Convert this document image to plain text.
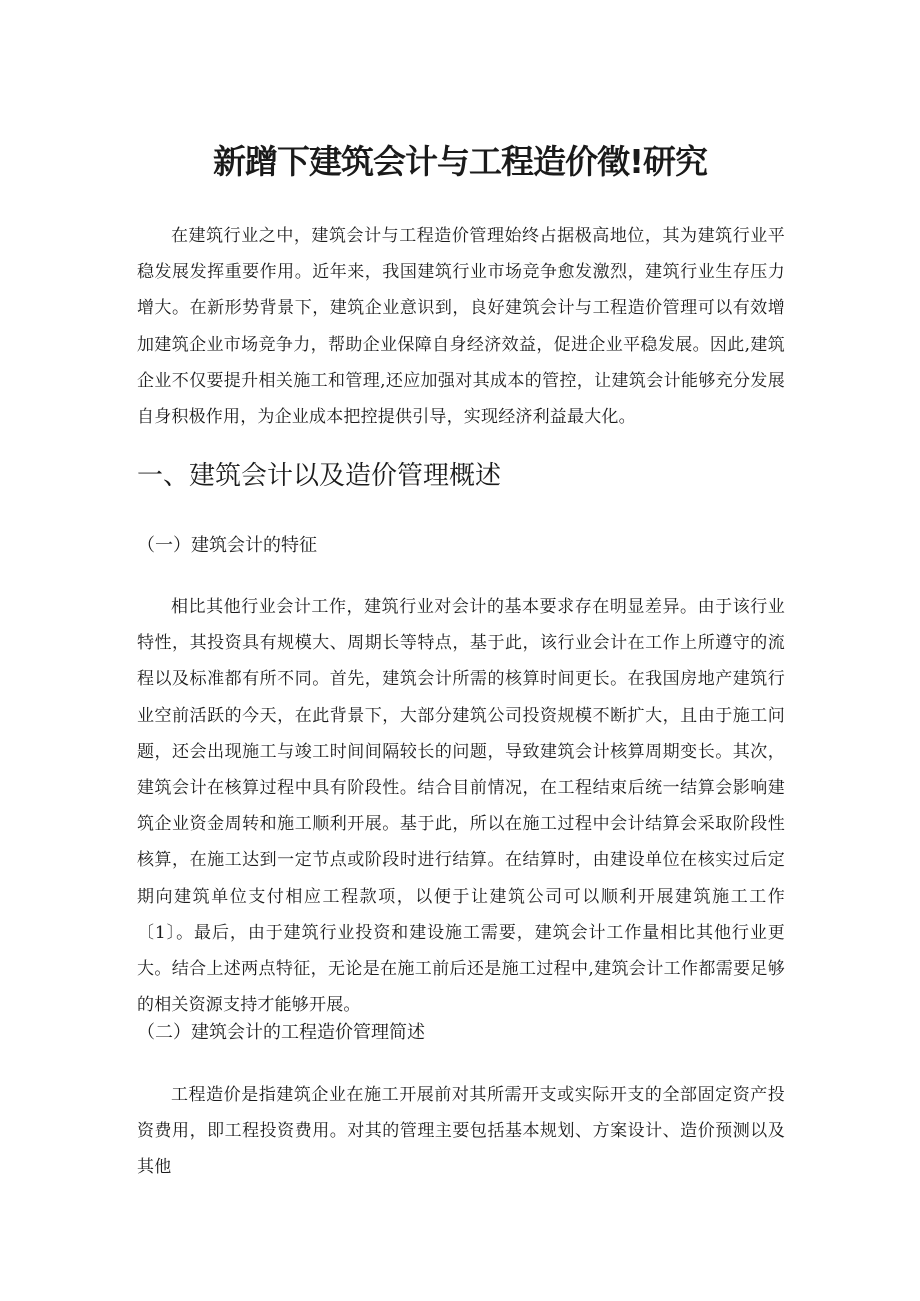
新蹭下建筑会计与工程造价徵!研究

在建筑行业之中，建筑会计与工程造价管理始终占据极高地位，其为建筑行业平稳发展发挥重要作用。近年来，我国建筑行业市场竞争愈发激烈，建筑行业生存压力增大。在新形势背景下，建筑企业意识到，良好建筑会计与工程造价管理可以有效增加建筑企业市场竞争力，帮助企业保障自身经济效益，促进企业平稳发展。因此,建筑企业不仅要提升相关施工和管理,还应加强对其成本的管控，让建筑会计能够充分发展自身积极作用，为企业成本把控提供引导，实现经济利益最大化。

一、建筑会计以及造价管理概述
（一）建筑会计的特征

相比其他行业会计工作，建筑行业对会计的基本要求存在明显差异。由于该行业特性，其投资具有规模大、周期长等特点，基于此，该行业会计在工作上所遵守的流程以及标准都有所不同。首先，建筑会计所需的核算时间更长。在我国房地产建筑行业空前活跃的今天，在此背景下，大部分建筑公司投资规模不断扩大，且由于施工问题，还会出现施工与竣工时间间隔较长的问题，导致建筑会计核算周期变长。其次，建筑会计在核算过程中具有阶段性。结合目前情况，在工程结束后统一结算会影响建筑企业资金周转和施工顺利开展。基于此，所以在施工过程中会计结算会采取阶段性核算，在施工达到一定节点或阶段时进行结算。在结算时，由建设单位在核实过后定期向建筑单位支付相应工程款项，以便于让建筑公司可以顺利开展建筑施工工作〔1〕。最后，由于建筑行业投资和建设施工需要，建筑会计工作量相比其他行业更大。结合上述两点特征，无论是在施工前后还是施工过程中,建筑会计工作都需要足够的相关资源支持才能够开展。

（二）建筑会计的工程造价管理简述

工程造价是指建筑企业在施工开展前对其所需开支或实际开支的全部固定资产投资费用，即工程投资费用。对其的管理主要包括基本规划、方案设计、造价预测以及其他
